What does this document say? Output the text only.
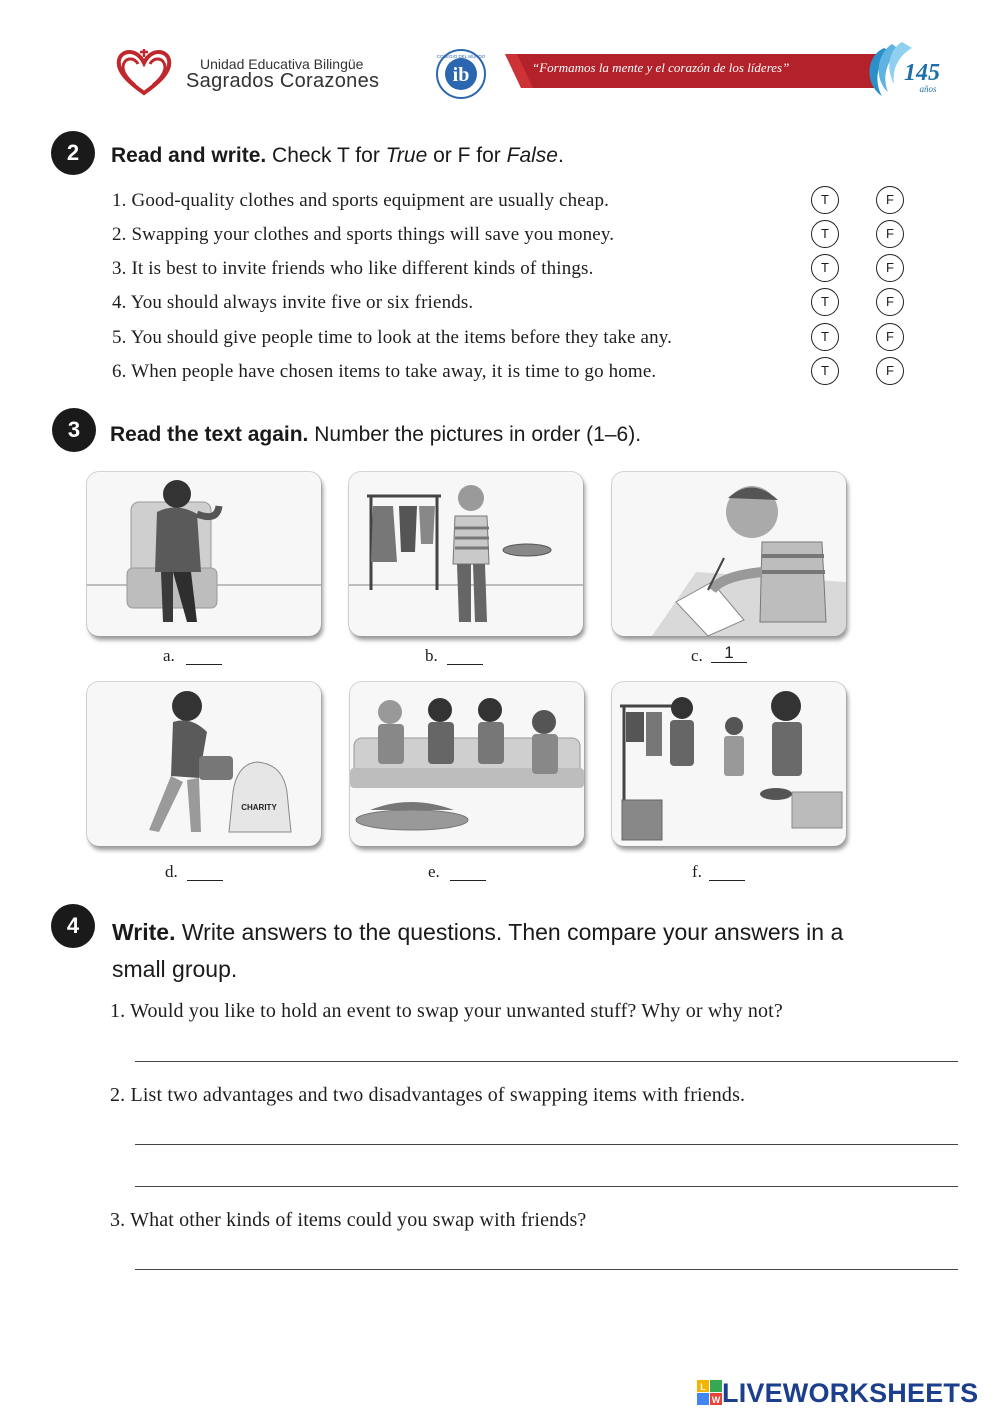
Unidad Educativa Bilingüe
Sagrados Corazones	ib
COLEGIO DEL MUNDO
“Formamos la mente y el corazón de los líderes”	145
años
2	Read and write. Check T for True or F for False.
1. Good-quality clothes and sports equipment are usually cheap.	T	F
2. Swapping your clothes and sports things will save you money.	T	F
3. It is best to invite friends who like different kinds of things.	T	F
4. You should always invite five or six friends.	T	F
5. You should give people time to look at the items before they take any.	T	F
6. When people have chosen items to take away, it is time to go home.	T	F
3	Read the text again. Number the pictures in order (1–6).
a.	b.	c.
1
CHARITY
d.	e.	f.
4	Write. Write answers to the questions. Then compare your answers in a
small group.
1. Would you like to hold an event to swap your unwanted stuff? Why or why not?
2. List two advantages and two disadvantages of swapping items with friends.
3. What other kinds of items could you swap with friends?
L
W LIVEWORKSHEETS
